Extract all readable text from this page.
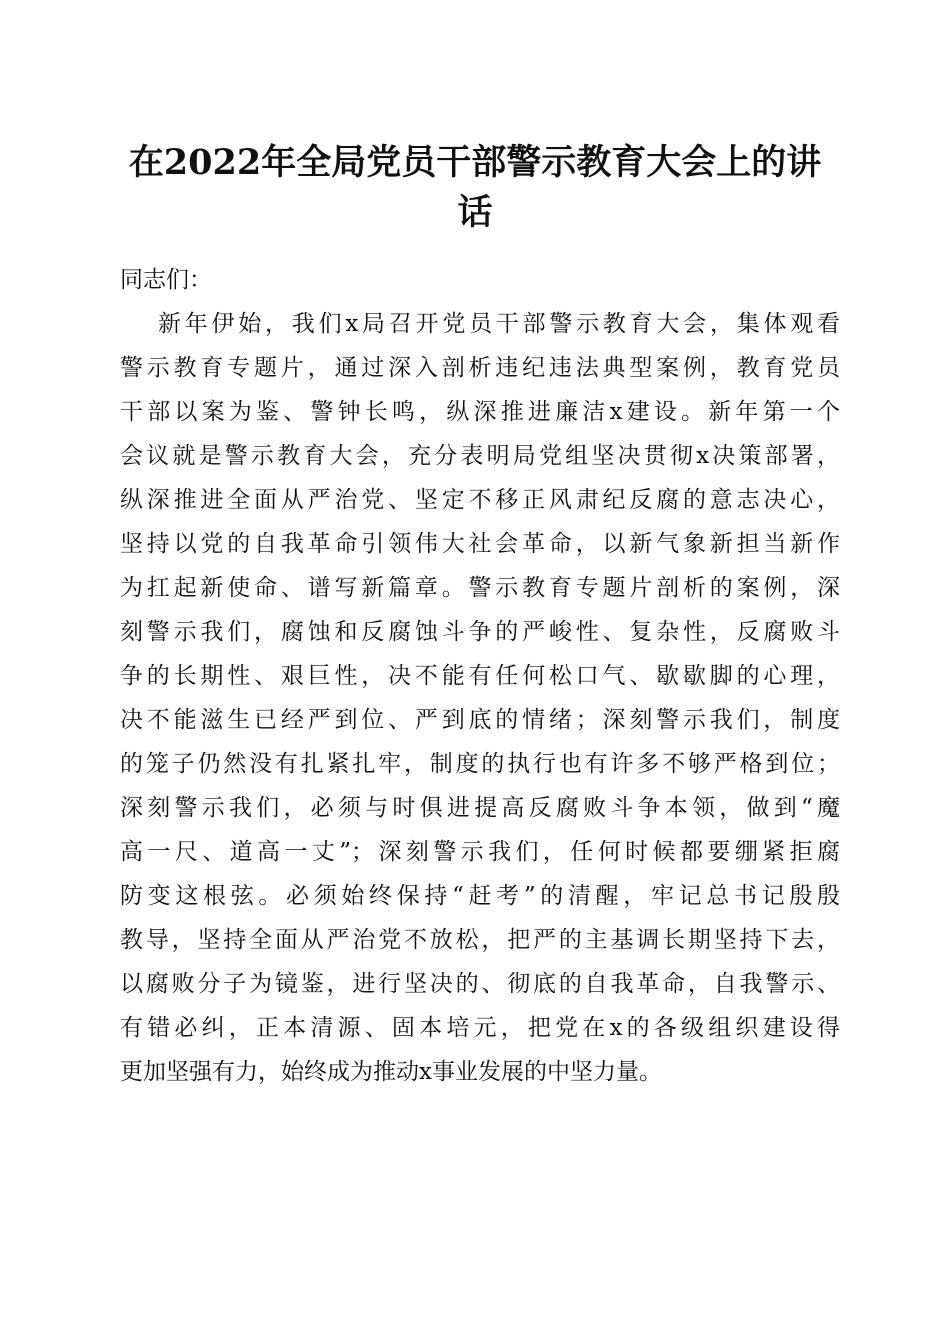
在2022年全局党员干部警示教育大会上的讲
话

同志们：

新年伊始，我们x局召开党员干部警示教育大会，集体观看

警示教育专题片，通过深入剖析违纪违法典型案例，教育党员

干部以案为鉴、警钟长鸣，纵深推进廉洁x建设。新年第一个

会议就是警示教育大会，充分表明局党组坚决贯彻x决策部署，

纵深推进全面从严治党、坚定不移正风肃纪反腐的意志决心，

坚持以党的自我革命引领伟大社会革命，以新气象新担当新作

为扛起新使命、谱写新篇章。警示教育专题片剖析的案例，深

刻警示我们，腐蚀和反腐蚀斗争的严峻性、复杂性，反腐败斗

争的长期性、艰巨性，决不能有任何松口气、歇歇脚的心理，

决不能滋生已经严到位、严到底的情绪；深刻警示我们，制度

的笼子仍然没有扎紧扎牢，制度的执行也有许多不够严格到位；

深刻警示我们，必须与时俱进提高反腐败斗争本领，做到“魔

高一尺、道高一丈”；深刻警示我们，任何时候都要绷紧拒腐

防变这根弦。必须始终保持“赶考”的清醒，牢记总书记殷殷

教导，坚持全面从严治党不放松，把严的主基调长期坚持下去，

以腐败分子为镜鉴，进行坚决的、彻底的自我革命，自我警示、

有错必纠，正本清源、固本培元，把党在x的各级组织建设得

更加坚强有力，始终成为推动x事业发展的中坚力量。
